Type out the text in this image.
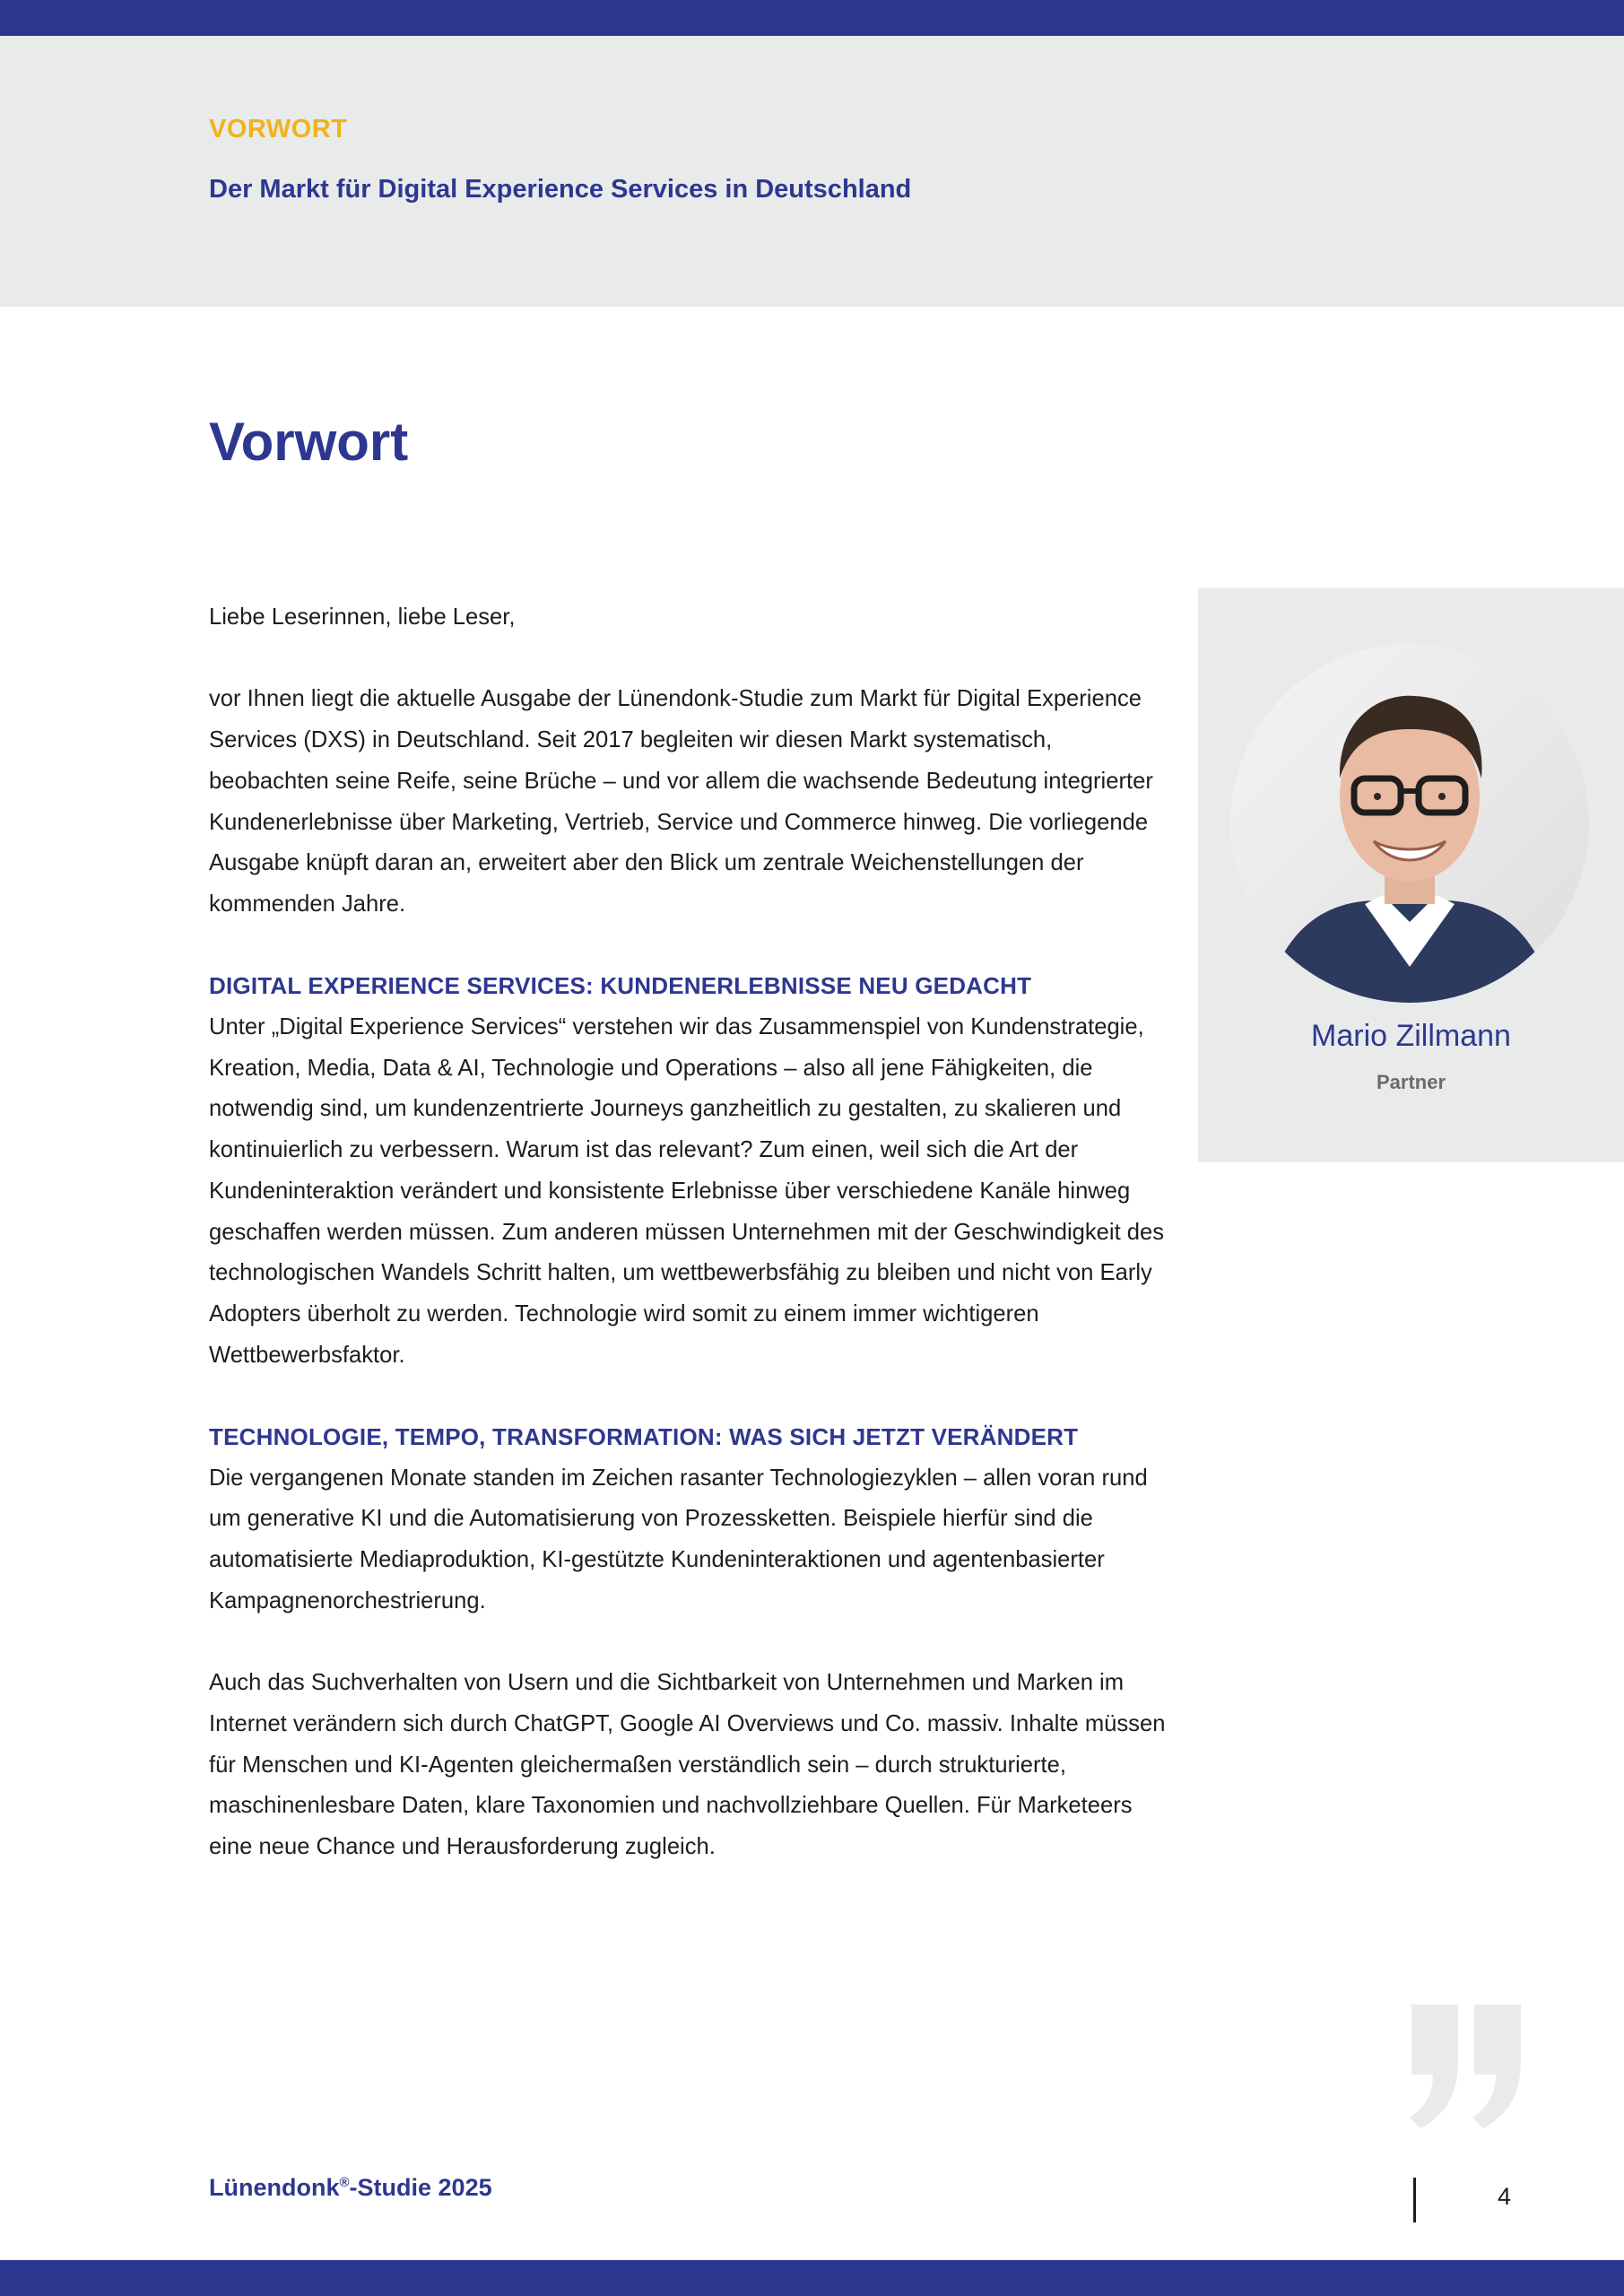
VORWORT
Der Markt für Digital Experience Services in Deutschland
Vorwort

Liebe Leserinnen, liebe Leser,

vor Ihnen liegt die aktuelle Ausgabe der Lünendonk-Studie zum Markt für Digital Experience Services (DXS) in Deutschland. Seit 2017 begleiten wir diesen Markt systematisch, beobachten seine Reife, seine Brüche – und vor allem die wachsende Bedeutung integrierter Kundenerlebnisse über Marketing, Vertrieb, Service und Commerce hinweg. Die vorliegende Ausgabe knüpft daran an, erweitert aber den Blick um zentrale Weichenstellungen der kommenden Jahre.

DIGITAL EXPERIENCE SERVICES: KUNDENERLEBNISSE NEU GEDACHT

Unter „Digital Experience Services“ verstehen wir das Zusammenspiel von Kundenstrategie, Kreation, Media, Data & AI, Technologie und Operations – also all jene Fähigkeiten, die notwendig sind, um kundenzentrierte Journeys ganzheitlich zu gestalten, zu skalieren und kontinuierlich zu verbessern. Warum ist das relevant? Zum einen, weil sich die Art der Kundeninteraktion verändert und konsistente Erlebnisse über verschiedene Kanäle hinweg geschaffen werden müssen. Zum anderen müssen Unternehmen mit der Geschwindigkeit des technologischen Wandels Schritt halten, um wettbewerbsfähig zu bleiben und nicht von Early Adopters überholt zu werden. Technologie wird somit zu einem immer wichtigeren Wettbewerbsfaktor.

TECHNOLOGIE, TEMPO, TRANSFORMATION: WAS SICH JETZT VERÄNDERT

Die vergangenen Monate standen im Zeichen rasanter Technologiezyklen – allen voran rund um generative KI und die Automatisierung von Prozessketten. Beispiele hierfür sind die automatisierte Mediaproduktion, KI-gestützte Kundeninteraktionen und agentenbasierter Kampagnenorchestrierung.

Auch das Suchverhalten von Usern und die Sichtbarkeit von Unternehmen und Marken im Internet verändern sich durch ChatGPT, Google AI Overviews und Co. massiv. Inhalte müssen für Menschen und KI-Agenten gleichermaßen verständlich sein – durch strukturierte, maschinenlesbare Daten, klare Taxonomien und nachvollziehbare Quellen. Für Marketeers eine neue Chance und Herausforderung zugleich.

Mario Zillmann
Partner
Lünendonk®-Studie 2025	4
